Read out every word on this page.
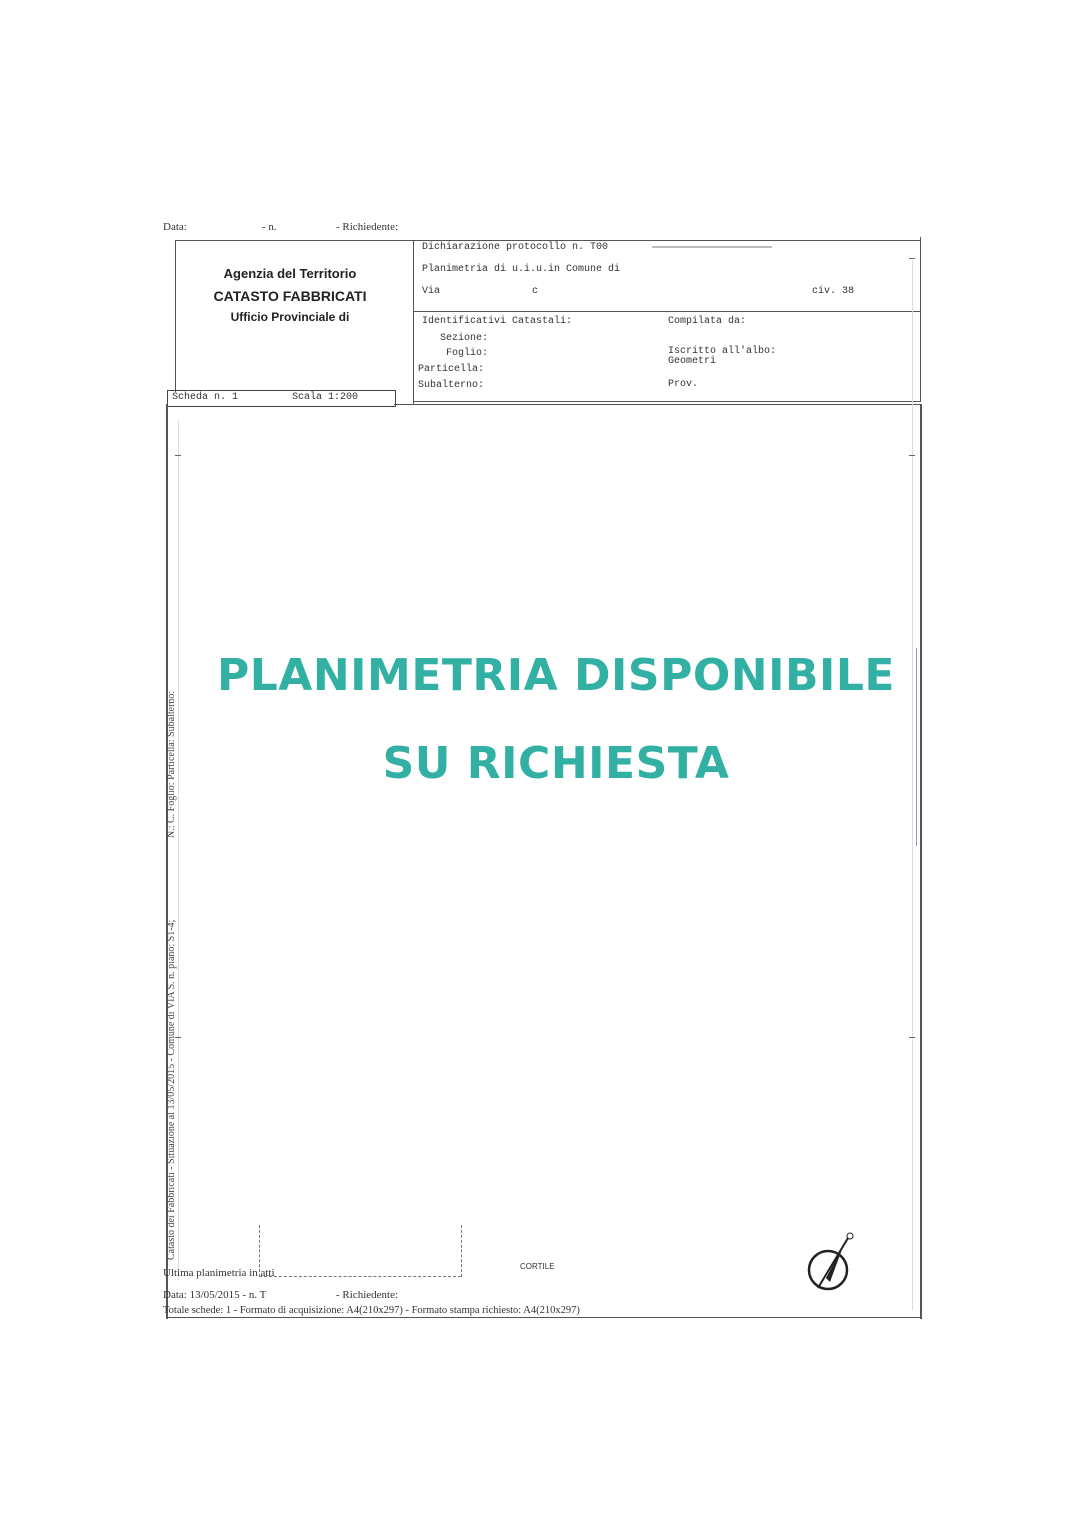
Data:	- n.	- Richiedente:
Agenzia del Territorio
CATASTO FABBRICATI
Ufficio Provinciale di
Dichiarazione protocollo n. T00
Planimetria di u.i.u.in Comune di
Via	c	civ. 38
Identificativi Catastali:
Sezione:
Foglio:
Particella:
Subalterno:
Compilata da:
Iscritto all'albo:
Geometri
Prov.
Scheda n. 1	Scala 1:200
N.: C. Foglio: Particella: Subalterno:
Catasto dei Fabbricati - Situazione al 13/05/2015 - Comune di VIA S. n. piano: S1-4;
PLANIMETRIA DISPONIBILE
SU RICHIESTA
CORTILE
Ultima planimetria in atti
Data: 13/05/2015 - n. T	- Richiedente:
Totale schede: 1 - Formato di acquisizione: A4(210x297) - Formato stampa richiesto: A4(210x297)
